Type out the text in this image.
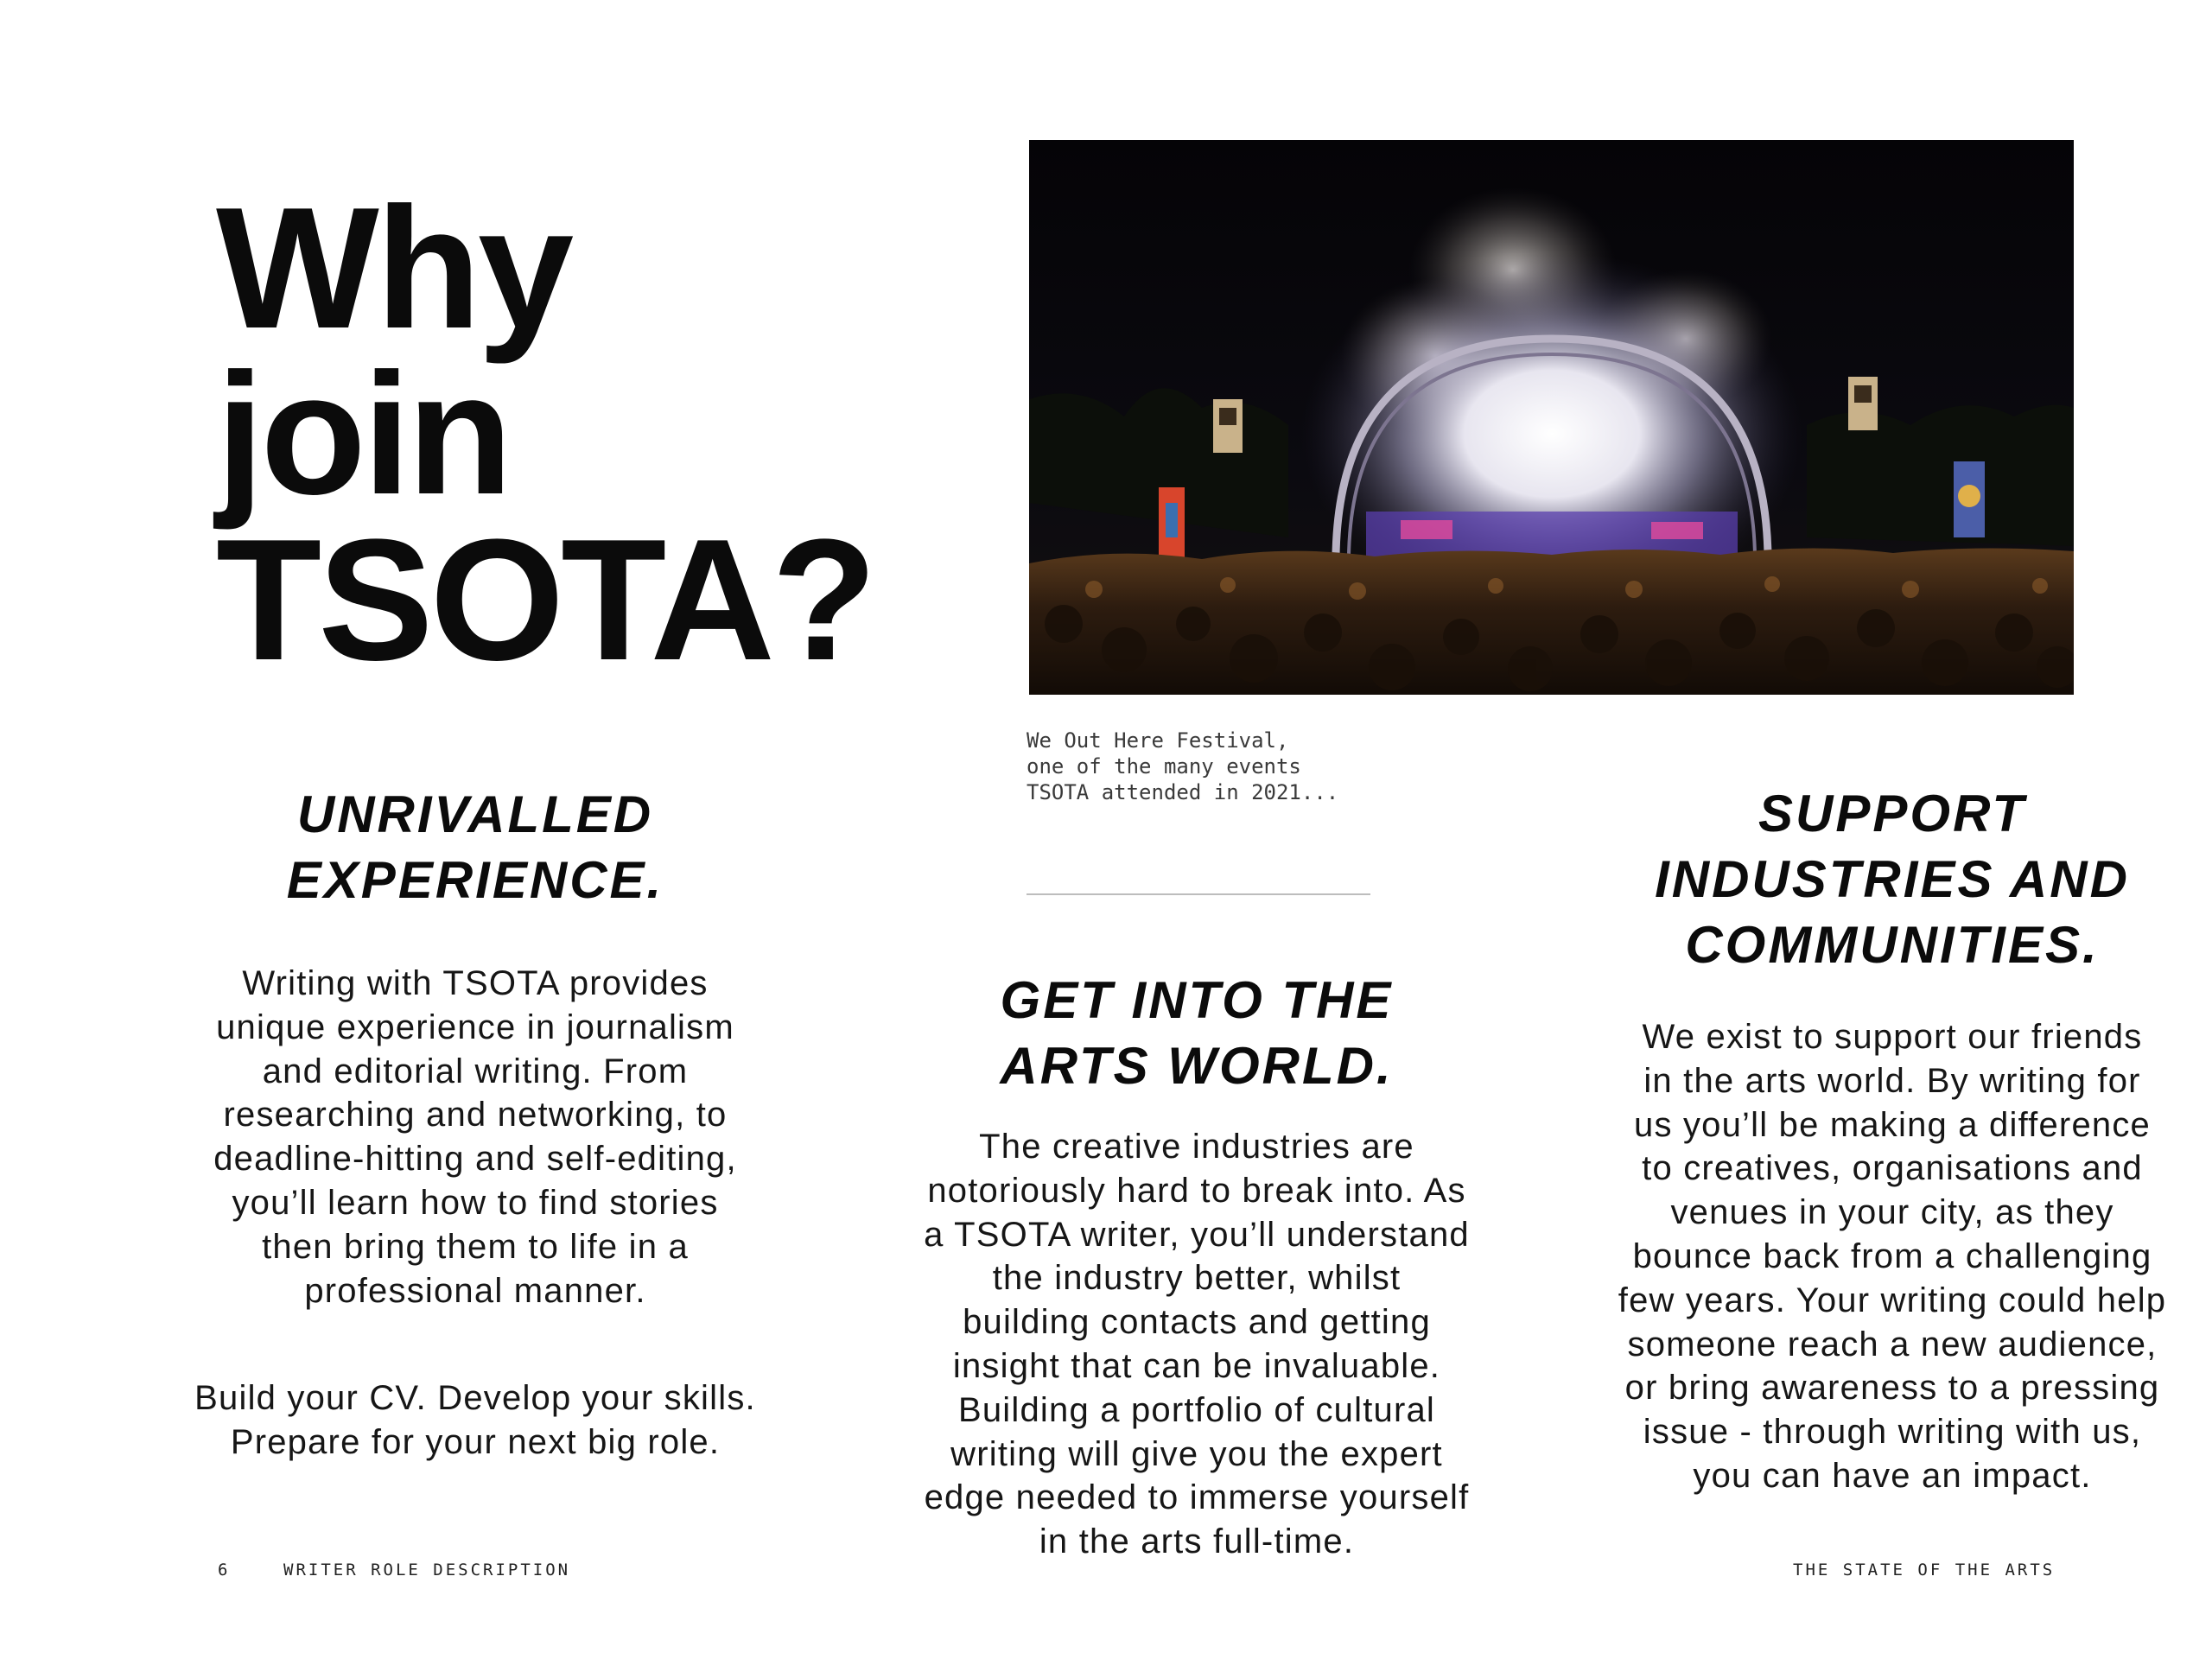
Why
join
TSOTA?

We Out Here Festival,
one of the many events
TSOTA attended in 2021...

UNRIVALLED
EXPERIENCE.

Writing with TSOTA provides
unique experience in journalism
and editorial writing. From
researching and networking, to
deadline-hitting and self-editing,
you’ll learn how to find stories
then bring them to life in a
professional manner.

Build your CV. Develop your skills.
Prepare for your next big role.

GET INTO THE
ARTS WORLD.

The creative industries are
notoriously hard to break into. As
a TSOTA writer, you’ll understand
the industry better, whilst
building contacts and getting
insight that can be invaluable.
Building a portfolio of cultural
writing will give you the expert
edge needed to immerse yourself
in the arts full-time.

SUPPORT
INDUSTRIES AND
COMMUNITIES.

We exist to support our friends
in the arts world. By writing for
us you’ll be making a difference
to creatives, organisations and
venues in your city, as they
bounce back from a challenging
few years. Your writing could help
someone reach a new audience,
or bring awareness to a pressing
issue - through writing with us,
you can have an impact.

6	WRITER ROLE DESCRIPTION	THE STATE OF THE ARTS
